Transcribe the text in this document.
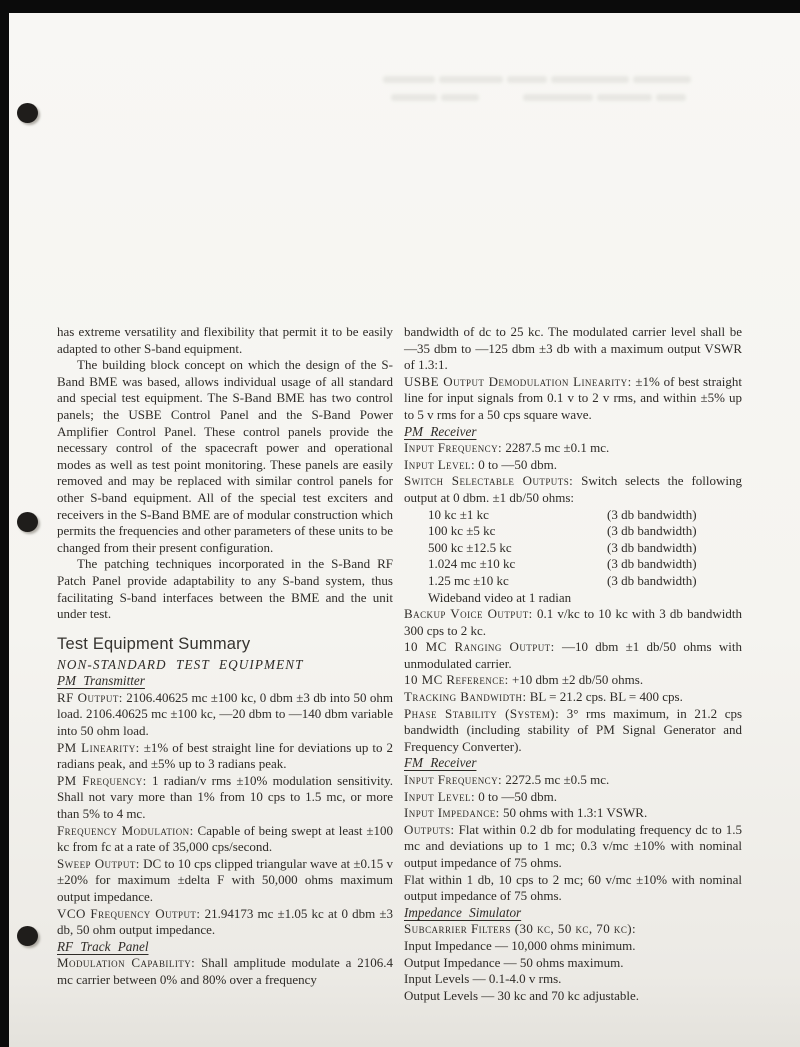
has extreme versatility and flexibility that permit it to be easily adapted to other S-band equipment.

The building block concept on which the design of the S-Band BME was based, allows individual usage of all standard and special test equipment. The S-Band BME has two control panels; the USBE Control Panel and the S-Band Power Amplifier Control Panel. These control panels provide the necessary control of the spacecraft power and operational modes as well as test point monitoring. These panels are easily removed and may be replaced with similar control panels for other S-band equipment. All of the special test exciters and receivers in the S-Band BME are of modular construction which permits the frequencies and other parameters of these units to be changed from their present configuration.

The patching techniques incorporated in the S-Band RF Patch Panel provide adaptability to any S-band system, thus facilitating S-band interfaces between the BME and the unit under test.

Test Equipment Summary
NON-STANDARD TEST EQUIPMENT
PM Transmitter

RF Output: 2106.40625 mc ±100 kc, 0 dbm ±3 db into 50 ohm load. 2106.40625 mc ±100 kc, —20 dbm to —140 dbm variable into 50 ohm load.

PM Linearity: ±1% of best straight line for deviations up to 2 radians peak, and ±5% up to 3 radians peak.

PM Frequency: 1 radian/v rms ±10% modulation sensitivity. Shall not vary more than 1% from 10 cps to 1.5 mc, or more than 5% to 4 mc.

Frequency Modulation: Capable of being swept at least ±100 kc from fc at a rate of 35,000 cps/second.

Sweep Output: DC to 10 cps clipped triangular wave at ±0.15 v ±20% for maximum ±delta F with 50,000 ohms maximum output impedance.

VCO Frequency Output: 21.94173 mc ±1.05 kc at 0 dbm ±3 db, 50 ohm output impedance.

RF Track Panel

Modulation Capability: Shall amplitude modulate a 2106.4 mc carrier between 0% and 80% over a frequency

bandwidth of dc to 25 kc. The modulated carrier level shall be —35 dbm to —125 dbm ±3 db with a maximum output VSWR of 1.3:1.

USBE Output Demodulation Linearity: ±1% of best straight line for input signals from 0.1 v to 2 v rms, and within ±5% up to 5 v rms for a 50 cps square wave.

PM Receiver

Input Frequency: 2287.5 mc ±0.1 mc.

Input Level: 0 to —50 dbm.

Switch Selectable Outputs: Switch selects the following output at 0 dbm. ±1 db/50 ohms:

10 kc ±1 kc	(3 db bandwidth)
100 kc ±5 kc	(3 db bandwidth)
500 kc ±12.5 kc	(3 db bandwidth)
1.024 mc ±10 kc	(3 db bandwidth)
1.25 mc ±10 kc	(3 db bandwidth)
Wideband video at 1 radian

Backup Voice Output: 0.1 v/kc to 10 kc with 3 db bandwidth 300 cps to 2 kc.

10 MC Ranging Output: —10 dbm ±1 db/50 ohms with unmodulated carrier.

10 MC Reference: +10 dbm ±2 db/50 ohms.

Tracking Bandwidth: BL = 21.2 cps. BL = 400 cps.

Phase Stability (System): 3° rms maximum, in 21.2 cps bandwidth (including stability of PM Signal Generator and Frequency Converter).

FM Receiver

Input Frequency: 2272.5 mc ±0.5 mc.

Input Level: 0 to —50 dbm.

Input Impedance: 50 ohms with 1.3:1 VSWR.

Outputs: Flat within 0.2 db for modulating frequency dc to 1.5 mc and deviations up to 1 mc; 0.3 v/mc ±10% with nominal output impedance of 75 ohms.

Flat within 1 db, 10 cps to 2 mc; 60 v/mc ±10% with nominal output impedance of 75 ohms.

Impedance Simulator

Subcarrier Filters (30 kc, 50 kc, 70 kc):

Input Impedance — 10,000 ohms minimum.

Output Impedance — 50 ohms maximum.

Input Levels — 0.1-4.0 v rms.

Output Levels — 30 kc and 70 kc adjustable.
